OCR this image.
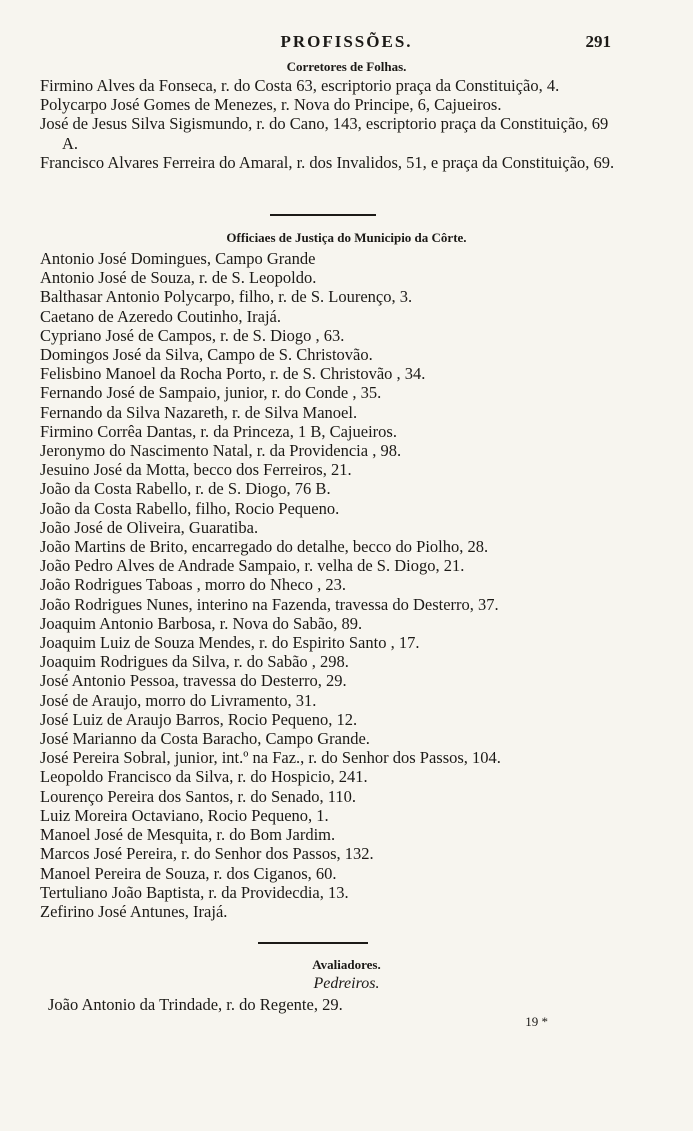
PROFISSÕES.	291
Corretores de Folhas.

Firmino Alves da Fonseca, r. do Costa 63, escriptorio praça da Constituição, 4.

Polycarpo José Gomes de Menezes, r. Nova do Principe, 6, Cajueiros.

José de Jesus Silva Sigismundo, r. do Cano, 143, escriptorio praça da Constituição, 69 A.

Francisco Alvares Ferreira do Amaral, r. dos Invalidos, 51, e praça da Constituição, 69.

Officiaes de Justiça do Municipio da Côrte.

Antonio José Domingues, Campo Grande

Antonio José de Souza, r. de S. Leopoldo.

Balthasar Antonio Polycarpo, filho, r. de S. Lourenço, 3.

Caetano de Azeredo Coutinho, Irajá.

Cypriano José de Campos, r. de S. Diogo , 63.

Domingos José da Silva, Campo de S. Christovão.

Felisbino Manoel da Rocha Porto, r. de S. Christovão , 34.

Fernando José de Sampaio, junior, r. do Conde , 35.

Fernando da Silva Nazareth, r. de Silva Manoel.

Firmino Corrêa Dantas, r. da Princeza, 1 B, Cajueiros.

Jeronymo do Nascimento Natal, r. da Providencia , 98.

Jesuino José da Motta, becco dos Ferreiros, 21.

João da Costa Rabello, r. de S. Diogo, 76 B.

João da Costa Rabello, filho, Rocio Pequeno.

João José de Oliveira, Guaratiba.

João Martins de Brito, encarregado do detalhe, becco do Piolho, 28.

João Pedro Alves de Andrade Sampaio, r. velha de S. Diogo, 21.

João Rodrigues Taboas , morro do Nheco , 23.

João Rodrigues Nunes, interino na Fazenda, travessa do Desterro, 37.

Joaquim Antonio Barbosa, r. Nova do Sabão, 89.

Joaquim Luiz de Souza Mendes, r. do Espirito Santo , 17.

Joaquim Rodrigues da Silva, r. do Sabão , 298.

José Antonio Pessoa, travessa do Desterro, 29.

José de Araujo, morro do Livramento, 31.

José Luiz de Araujo Barros, Rocio Pequeno, 12.

José Marianno da Costa Baracho, Campo Grande.

José Pereira Sobral, junior, int.º na Faz., r. do Senhor dos Passos, 104.

Leopoldo Francisco da Silva, r. do Hospicio, 241.

Lourenço Pereira dos Santos, r. do Senado, 110.

Luiz Moreira Octaviano, Rocio Pequeno, 1.

Manoel José de Mesquita, r. do Bom Jardim.

Marcos José Pereira, r. do Senhor dos Passos, 132.

Manoel Pereira de Souza, r. dos Ciganos, 60.

Tertuliano João Baptista, r. da Providecdia, 13.

Zefirino José Antunes, Irajá.

Avaliadores.
Pedreiros.

João Antonio da Trindade, r. do Regente, 29.

19 *
